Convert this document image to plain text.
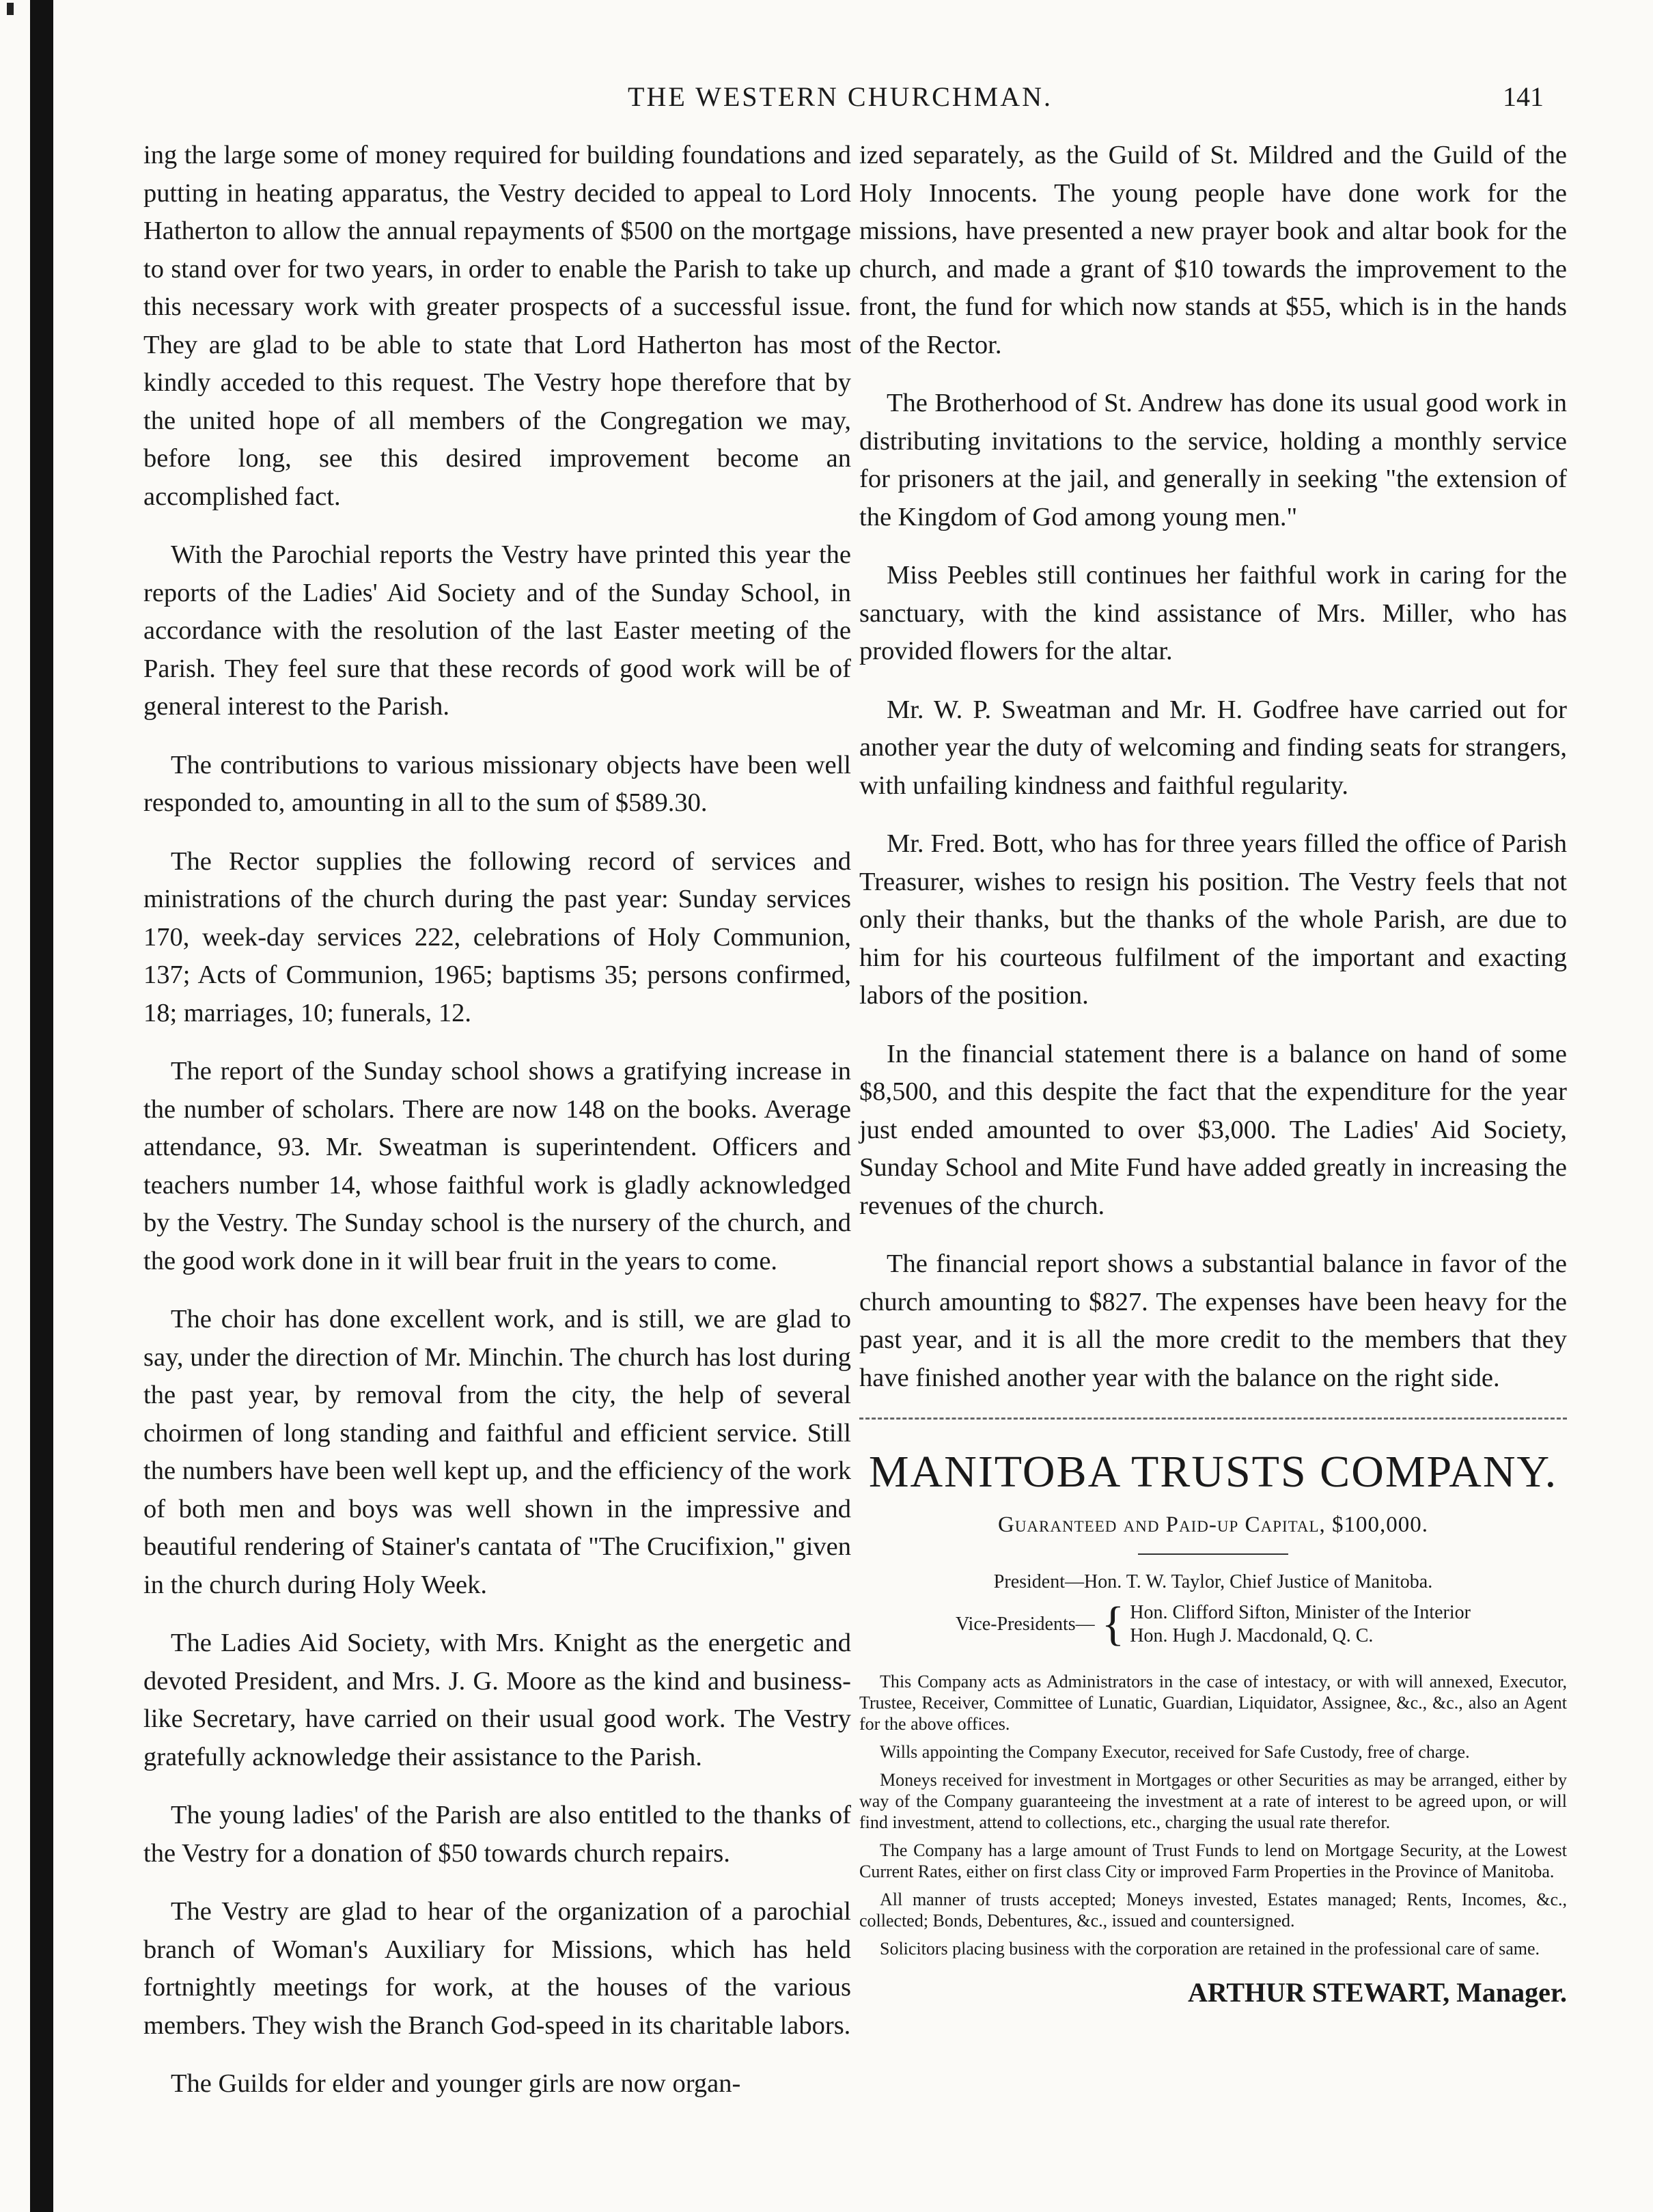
THE WESTERN CHURCHMAN.	141

ing the large some of money required for building foundations and putting in heating apparatus, the Vestry decided to appeal to Lord Hatherton to allow the annual repayments of $500 on the mortgage to stand over for two years, in order to enable the Parish to take up this necessary work with greater prospects of a successful issue. They are glad to be able to state that Lord Hatherton has most kindly acceded to this request. The Vestry hope therefore that by the united hope of all members of the Congregation we may, before long, see this desired improvement become an accomplished fact.

With the Parochial reports the Vestry have printed this year the reports of the Ladies' Aid Society and of the Sunday School, in accordance with the resolution of the last Easter meeting of the Parish. They feel sure that these records of good work will be of general interest to the Parish.

The contributions to various missionary objects have been well responded to, amounting in all to the sum of $589.30.

The Rector supplies the following record of services and ministrations of the church during the past year: Sunday services 170, week-day services 222, celebrations of Holy Communion, 137; Acts of Communion, 1965; baptisms 35; persons confirmed, 18; marriages, 10; funerals, 12.

The report of the Sunday school shows a gratifying increase in the number of scholars. There are now 148 on the books. Average attendance, 93. Mr. Sweatman is superintendent. Officers and teachers number 14, whose faithful work is gladly acknowledged by the Vestry. The Sunday school is the nursery of the church, and the good work done in it will bear fruit in the years to come.

The choir has done excellent work, and is still, we are glad to say, under the direction of Mr. Minchin. The church has lost during the past year, by removal from the city, the help of several choirmen of long standing and faithful and efficient service. Still the numbers have been well kept up, and the efficiency of the work of both men and boys was well shown in the impressive and beautiful rendering of Stainer's cantata of "The Crucifixion," given in the church during Holy Week.

The Ladies Aid Society, with Mrs. Knight as the energetic and devoted President, and Mrs. J. G. Moore as the kind and business-like Secretary, have carried on their usual good work. The Vestry gratefully acknowledge their assistance to the Parish.

The young ladies' of the Parish are also entitled to the thanks of the Vestry for a donation of $50 towards church repairs.

The Vestry are glad to hear of the organization of a parochial branch of Woman's Auxiliary for Missions, which has held fortnightly meetings for work, at the houses of the various members. They wish the Branch God-speed in its charitable labors.

The Guilds for elder and younger girls are now organ-

ized separately, as the Guild of St. Mildred and the Guild of the Holy Innocents. The young people have done work for the missions, have presented a new prayer book and altar book for the church, and made a grant of $10 towards the improvement to the front, the fund for which now stands at $55, which is in the hands of the Rector.

The Brotherhood of St. Andrew has done its usual good work in distributing invitations to the service, holding a monthly service for prisoners at the jail, and generally in seeking "the extension of the Kingdom of God among young men."

Miss Peebles still continues her faithful work in caring for the sanctuary, with the kind assistance of Mrs. Miller, who has provided flowers for the altar.

Mr. W. P. Sweatman and Mr. H. Godfree have carried out for another year the duty of welcoming and finding seats for strangers, with unfailing kindness and faithful regularity.

Mr. Fred. Bott, who has for three years filled the office of Parish Treasurer, wishes to resign his position. The Vestry feels that not only their thanks, but the thanks of the whole Parish, are due to him for his courteous fulfilment of the important and exacting labors of the position.

In the financial statement there is a balance on hand of some $8,500, and this despite the fact that the expenditure for the year just ended amounted to over $3,000. The Ladies' Aid Society, Sunday School and Mite Fund have added greatly in increasing the revenues of the church.

The financial report shows a substantial balance in favor of the church amounting to $827. The expenses have been heavy for the past year, and it is all the more credit to the members that they have finished another year with the balance on the right side.

MANITOBA TRUSTS COMPANY.
Guaranteed and Paid-up Capital, $100,000.
President—Hon. T. W. Taylor, Chief Justice of Manitoba.
Vice-Presidents— { Hon. Clifford Sifton, Minister of the Interior
Hon. Hugh J. Macdonald, Q. C.

This Company acts as Administrators in the case of intestacy, or with will annexed, Executor, Trustee, Receiver, Committee of Lunatic, Guardian, Liquidator, Assignee, &c., &c., also an Agent for the above offices.

Wills appointing the Company Executor, received for Safe Custody, free of charge.

Moneys received for investment in Mortgages or other Securities as may be arranged, either by way of the Company guaranteeing the investment at a rate of interest to be agreed upon, or will find investment, attend to collections, etc., charging the usual rate therefor.

The Company has a large amount of Trust Funds to lend on Mortgage Security, at the Lowest Current Rates, either on first class City or improved Farm Properties in the Province of Manitoba.

All manner of trusts accepted; Moneys invested, Estates managed; Rents, Incomes, &c., collected; Bonds, Debentures, &c., issued and countersigned.

Solicitors placing business with the corporation are retained in the professional care of same.

ARTHUR STEWART, Manager.
